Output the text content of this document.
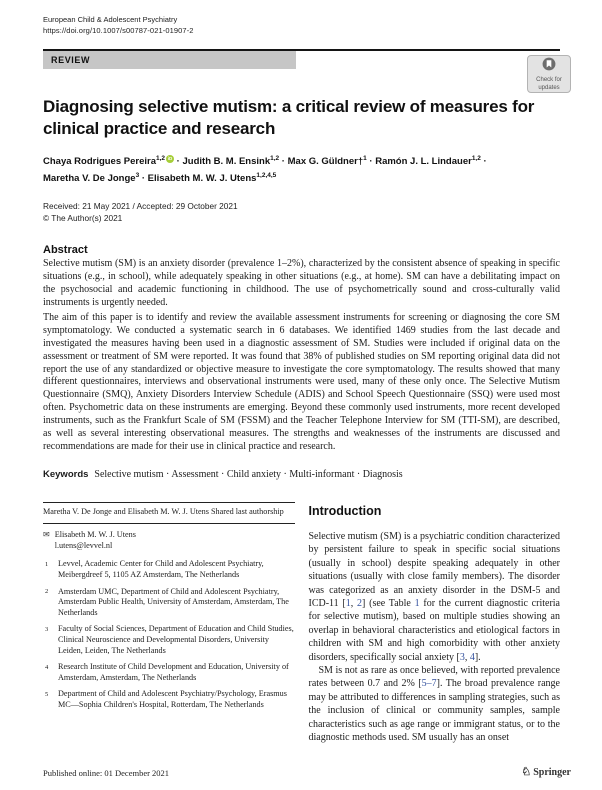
European Child & Adolescent Psychiatry
https://doi.org/10.1007/s00787-021-01907-2
REVIEW
Check for
updates
Diagnosing selective mutism: a critical review of measures for clinical practice and research
Chaya Rodrigues Pereira$^{1,2}$ iD · Judith B. M. Ensink$^{1,2}$ · Max G. Güldner†$^1$ · Ramón J. L. Lindauer$^{1,2}$ ·
Maretha V. De Jonge$^3$ · Elisabeth M. W. J. Utens$^{1,2,4,5}$
Received: 21 May 2021 / Accepted: 29 October 2021
© The Author(s) 2021
Abstract

Selective mutism (SM) is an anxiety disorder (prevalence 1–2%), characterized by the consistent absence of speaking in specific situations (e.g., in school), while adequately speaking in other situations (e.g., at home). SM can have a debilitating impact on the psychosocial and academic functioning in childhood. The use of psychometrically sound and cross-culturally valid instruments is urgently needed.

The aim of this paper is to identify and review the available assessment instruments for screening or diagnosing the core SM symptomatology. We conducted a systematic search in 6 databases. We identified 1469 studies from the last decade and investigated the measures having been used in a diagnostic assessment of SM. Studies were included if original data on the assessment or treatment of SM were reported. It was found that 38% of published studies on SM reporting original data did not report the use of any standardized or objective measure to investigate the core symptomatology. The results showed that many different questionnaires, interviews and observational instruments were used, many of these only once. The Selective Mutism Questionnaire (SMQ), Anxiety Disorders Interview Schedule (ADIS) and School Speech Questionnaire (SSQ) were used most often. Psychometric data on these instruments are emerging. Beyond these commonly used instruments, more recent developed instruments, such as the Frankfurt Scale of SM (FSSM) and the Teacher Telephone Interview for SM (TTI-SM), are described, as well as several interesting observational measures. The strengths and weaknesses of the instruments are discussed and recommendations are made for their use in clinical practice and research.

Keywords Selective mutism · Assessment · Child anxiety · Multi-informant · Diagnosis
Maretha V. De Jonge and Elisabeth M. W. J. Utens Shared last authorship
✉ Elisabeth M. W. J. Utens
l.utens@levvel.nl
1	Levvel, Academic Center for Child and Adolescent Psychiatry, Meibergdreef 5, 1105 AZ Amsterdam, The Netherlands
2	Amsterdam UMC, Department of Child and Adolescent Psychiatry, Amsterdam Public Health, University of Amsterdam, Amsterdam, The Netherlands
3	Faculty of Social Sciences, Department of Education and Child Studies, Clinical Neuroscience and Developmental Disorders, University Leiden, Leiden, The Netherlands
4	Research Institute of Child Development and Education, University of Amsterdam, Amsterdam, The Netherlands
5	Department of Child and Adolescent Psychiatry/Psychology, Erasmus MC—Sophia Children's Hospital, Rotterdam, The Netherlands
Introduction

Selective mutism (SM) is a psychiatric condition characterized by persistent failure to speak in specific social situations (usually in school) despite speaking adequately in other situations (usually with close family members). The disorder was categorized as an anxiety disorder in the DSM-5 and ICD-11 [1, 2] (see Table 1 for the current diagnostic criteria for selective mutism), based on multiple studies showing an overlap in behavioral characteristics and etiological factors in children with SM and high comorbidity with other anxiety disorders, specifically social anxiety [3, 4].

SM is not as rare as once believed, with reported prevalence rates between 0.7 and 2% [5–7]. The broad prevalence range may be attributed to differences in sampling strategies, such as the inclusion of clinical or community samples, sample characteristics such as age range or immigrant status, or to the diagnostic methods used. SM usually has an onset

Published online: 01 December 2021	♘ Springer
